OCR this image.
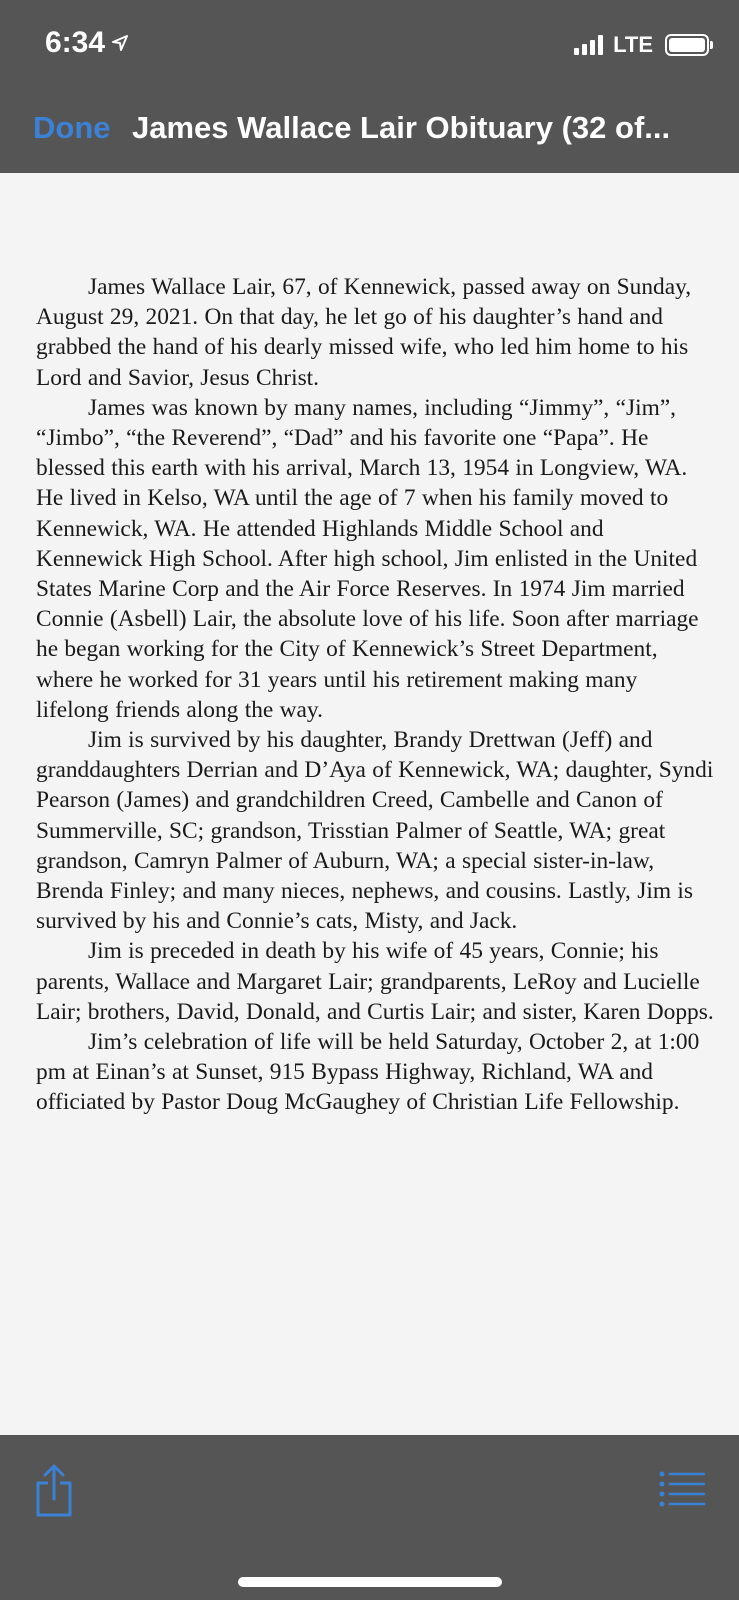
6:34	LTE
Done James Wallace Lair Obituary (32 of...

James Wallace Lair, 67, of Kennewick, passed away on Sunday, August 29, 2021. On that day, he let go of his daughter’s hand and grabbed the hand of his dearly missed wife, who led him home to his Lord and Savior, Jesus Christ.

James was known by many names, including “Jimmy”, “Jim”, “Jimbo”, “the Reverend”, “Dad” and his favorite one “Papa”. He blessed this earth with his arrival, March 13, 1954 in Longview, WA. He lived in Kelso, WA until the age of 7 when his family moved to Kennewick, WA. He attended Highlands Middle School and Kennewick High School. After high school, Jim enlisted in the United States Marine Corp and the Air Force Reserves. In 1974 Jim married Connie (Asbell) Lair, the absolute love of his life. Soon after marriage he began working for the City of Kennewick’s Street Department, where he worked for 31 years until his retirement making many lifelong friends along the way.

Jim is survived by his daughter, Brandy Drettwan (Jeff) and granddaughters Derrian and D’Aya of Kennewick, WA; daughter, Syndi Pearson (James) and grandchildren Creed, Cambelle and Canon of Summerville, SC; grandson, Trisstian Palmer of Seattle, WA; great grandson, Camryn Palmer of Auburn, WA; a special sister-in-law, Brenda Finley; and many nieces, nephews, and cousins. Lastly, Jim is survived by his and Connie’s cats, Misty, and Jack.

Jim is preceded in death by his wife of 45 years, Connie; his parents, Wallace and Margaret Lair; grandparents, LeRoy and Lucielle Lair; brothers, David, Donald, and Curtis Lair; and sister, Karen Dopps.

Jim’s celebration of life will be held Saturday, October 2, at 1:00 pm at Einan’s at Sunset, 915 Bypass Highway, Richland, WA and officiated by Pastor Doug McGaughey of Christian Life Fellowship.
